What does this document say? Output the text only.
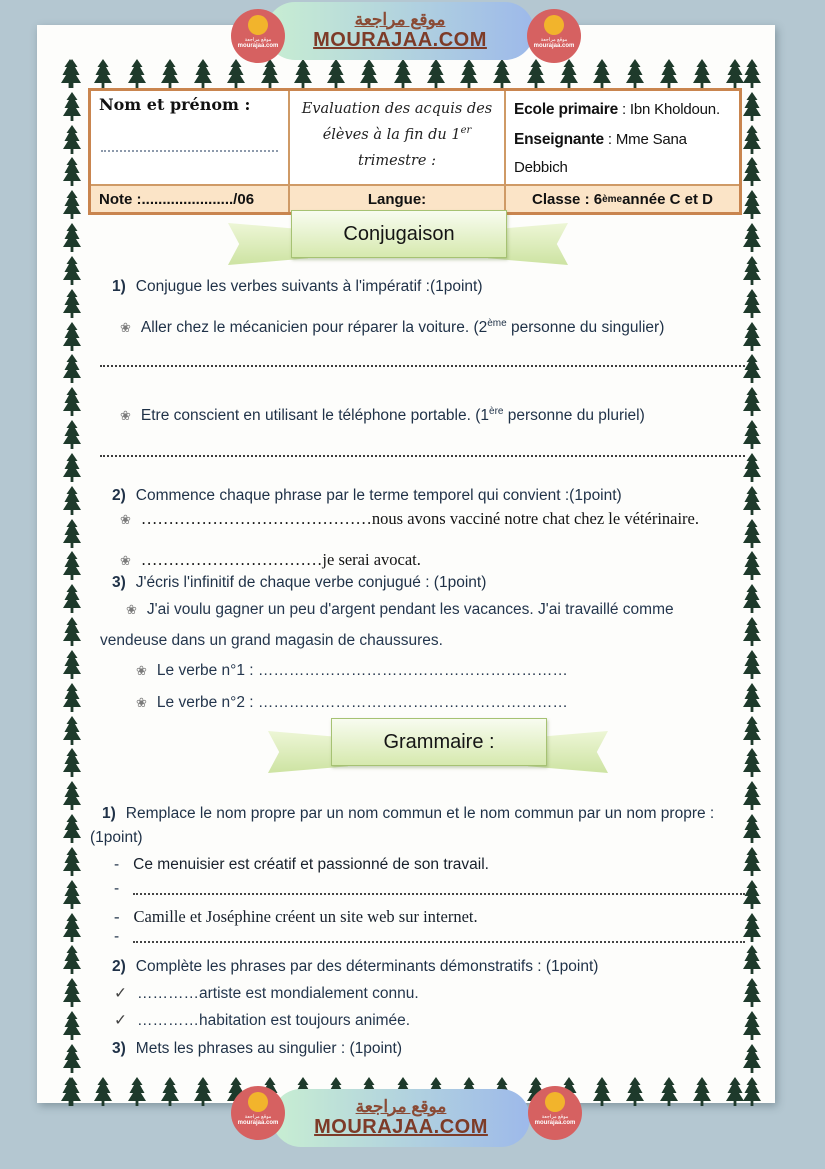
موقع مراجعة
mourajaa.com
موقع مراجعة
MOURAJAA.COM	موقع مراجعة
mourajaa.com
Nom et prénom :	Evaluation des acquis des élèves à la fin du 1er trimestre :
Ecole primaire : Ibn Kholdoun.
Enseignante : Mme Sana Debbich
Note :....................../06	Langue:	Classe : 6 ème année C et D
Conjugaison

1) Conjugue les verbes suivants à l'impératif :(1point)

❀ Aller chez le mécanicien pour réparer la voiture. (2ème personne du singulier)

❀ Etre conscient en utilisant le téléphone portable. (1ère personne du pluriel)

2) Commence chaque phrase par le terme temporel qui convient :(1point)

❀ ……………………………………nous avons vacciné notre chat chez le vétérinaire.

❀ ……………………………je serai avocat.

3) J'écris l'infinitif de chaque verbe conjugué : (1point)

❀ J'ai voulu gagner un peu d'argent pendant les vacances. J'ai travaillé comme vendeuse dans un grand magasin de chaussures.

❀ Le verbe n°1 : ……………………………………………………

❀ Le verbe n°2 : ……………………………………………………

Grammaire :

1) Remplace le nom propre par un nom commun et le nom commun par un nom propre : (1point)

- Ce menuisier est créatif et passionné de son travail.

-

- Camille et Joséphine créent un site web sur internet.

-

2) Complète les phrases par des déterminants démonstratifs : (1point)

✓ …………artiste est mondialement connu.

✓ …………habitation est toujours animée.

3) Mets les phrases au singulier : (1point)

موقع مراجعة
mourajaa.com
موقع مراجعة
MOURAJAA.COM	موقع مراجعة
mourajaa.com
